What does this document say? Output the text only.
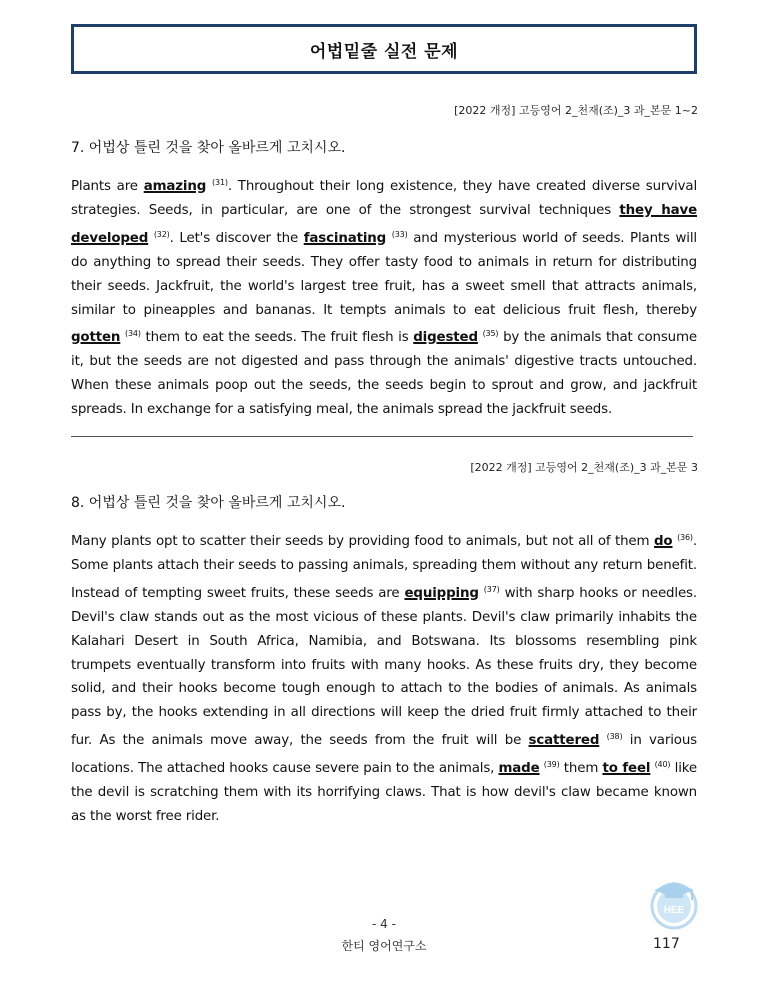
어법밑줄 실전 문제
[2022 개정] 고등영어 2_천재(조)_3 과_본문 1~2
7. 어법상 틀린 것을 찾아 올바르게 고치시오.
Plants are amazing $^{(31)}$. Throughout their long existence, they have created diverse survival strategies. Seeds, in particular, are one of the strongest survival techniques they have developed $^{(32)}$. Let's discover the fascinating $^{(33)}$ and mysterious world of seeds. Plants will do anything to spread their seeds. They offer tasty food to animals in return for distributing their seeds. Jackfruit, the world's largest tree fruit, has a sweet smell that attracts animals, similar to pineapples and bananas. It tempts animals to eat delicious fruit flesh, thereby gotten $^{(34)}$ them to eat the seeds. The fruit flesh is digested $^{(35)}$ by the animals that consume it, but the seeds are not digested and pass through the animals' digestive tracts untouched. When these animals poop out the seeds, the seeds begin to sprout and grow, and jackfruit spreads. In exchange for a satisfying meal, the animals spread the jackfruit seeds.
[2022 개정] 고등영어 2_천재(조)_3 과_본문 3
8. 어법상 틀린 것을 찾아 올바르게 고치시오.
Many plants opt to scatter their seeds by providing food to animals, but not all of them do $^{(36)}$. Some plants attach their seeds to passing animals, spreading them without any return benefit. Instead of tempting sweet fruits, these seeds are equipping $^{(37)}$ with sharp hooks or needles. Devil's claw stands out as the most vicious of these plants. Devil's claw primarily inhabits the Kalahari Desert in South Africa, Namibia, and Botswana. Its blossoms resembling pink trumpets eventually transform into fruits with many hooks. As these fruits dry, they become solid, and their hooks become tough enough to attach to the bodies of animals. As animals pass by, the hooks extending in all directions will keep the dried fruit firmly attached to their fur. As the animals move away, the seeds from the fruit will be scattered $^{(38)}$ in various locations. The attached hooks cause severe pain to the animals, made $^{(39)}$ them to feel $^{(40)}$ like the devil is scratching them with its horrifying claws. That is how devil's claw became known as the worst free rider.
- 4 -
한티 영어연구소	117
HEE
